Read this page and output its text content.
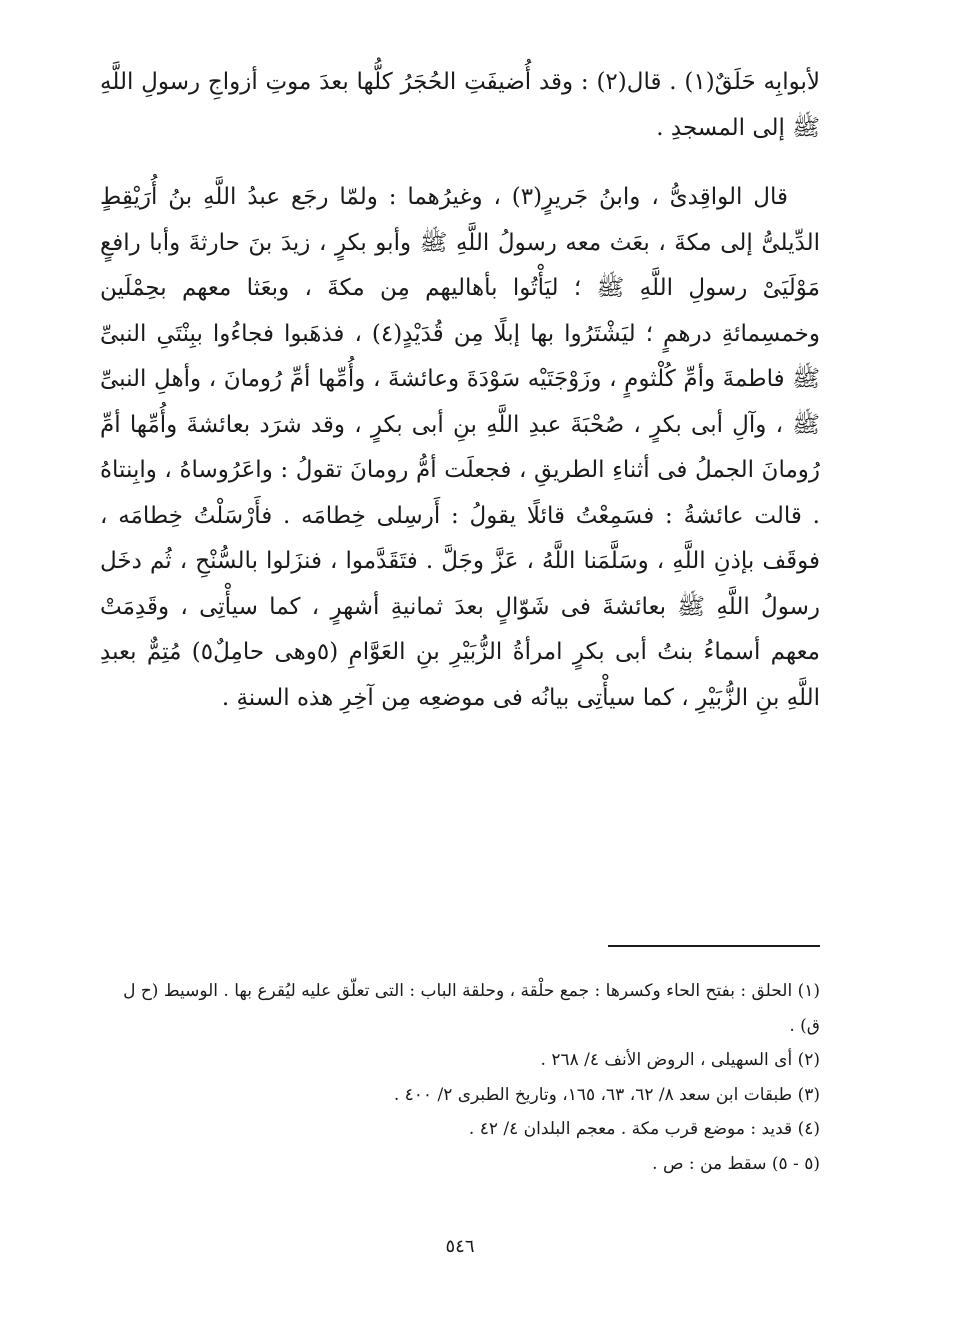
لأبوابِه حَلَقٌ(١) . قال(٢) : وقد أُضيفَتِ الحُجَرُ كلُّها بعدَ موتِ أزواجِ رسولِ اللَّهِ ﷺ إلى المسجدِ .

قال الواقِدىُّ ، وابنُ جَريرٍ(٣) ، وغيرُهما : ولمّا رجَع عبدُ اللَّهِ بنُ أُرَيْقِطٍ الدِّيلىُّ إلى مكةَ ، بعَث معه رسولُ اللَّهِ ﷺ وأبو بكرٍ ، زيدَ بنَ حارثةَ وأبا رافعٍ مَوْلَيَىْ رسولِ اللَّهِ ﷺ ؛ ليَأْتُوا بأهاليهم مِن مكةَ ، وبعَثا معهم بحِمْلَين وخمسِمائةِ درهمٍ ؛ ليَشْتَرُوا بها إبلًا مِن قُدَيْدٍ(٤) ، فذهَبوا فجاءُوا ببِنْتَىِ النبىِّ ﷺ فاطمةَ وأمِّ كُلْثومٍ ، وزَوْجَتَيْه سَوْدَةَ وعائشةَ ، وأُمِّها أمِّ رُومانَ ، وأهلِ النبىِّ ﷺ ، وآلِ أبى بكرٍ ، صُحْبَةَ عبدِ اللَّهِ بنِ أبى بكرٍ ، وقد شرَد بعائشةَ وأُمِّها أمِّ رُومانَ الجملُ فى أثناءِ الطريقِ ، فجعلَت أمُّ رومانَ تقولُ : واعَرُوساهُ ، وابِنتاهُ . قالت عائشةُ : فسَمِعْتُ قائلًا يقولُ : أَرسِلى خِطامَه . فأَرْسَلْتُ خِطامَه ، فوقَف بإذنِ اللَّهِ ، وسَلَّمَنا اللَّهُ ، عَزَّ وجَلَّ . فتَقَدَّموا ، فنزَلوا بالسُّنْحِ ، ثُم دخَل رسولُ اللَّهِ ﷺ بعائشةَ فى شَوّالٍ بعدَ ثمانيةِ أشهرٍ ، كما سيأْتِى ، وقَدِمَتْ معهم أسماءُ بنتُ أبى بكرٍ امرأةُ الزُّبَيْرِ بنِ العَوَّامِ (٥وهى حامِلٌ٥) مُتِمٌّ بعبدِ اللَّهِ بنِ الزُّبَيْرِ ، كما سيأْتِى بيانُه فى موضعِه مِن آخِرِ هذه السنةِ .

(١) الحلق : بفتح الحاء وكسرها : جمع حلْقة ، وحلقة الباب : التى تعلّق عليه ليُقرع بها . الوسيط (ح ل ق) .

(٢) أى السهيلى ، الروض الأنف ٤/ ٢٦٨ .

(٣) طبقات ابن سعد ٨/ ٦٢، ٦٣، ١٦٥، وتاريخ الطبرى ٢/ ٤٠٠ .

(٤) قديد : موضع قرب مكة . معجم البلدان ٤/ ٤٢ .

(٥ - ٥) سقط من : ص .

٥٤٦
